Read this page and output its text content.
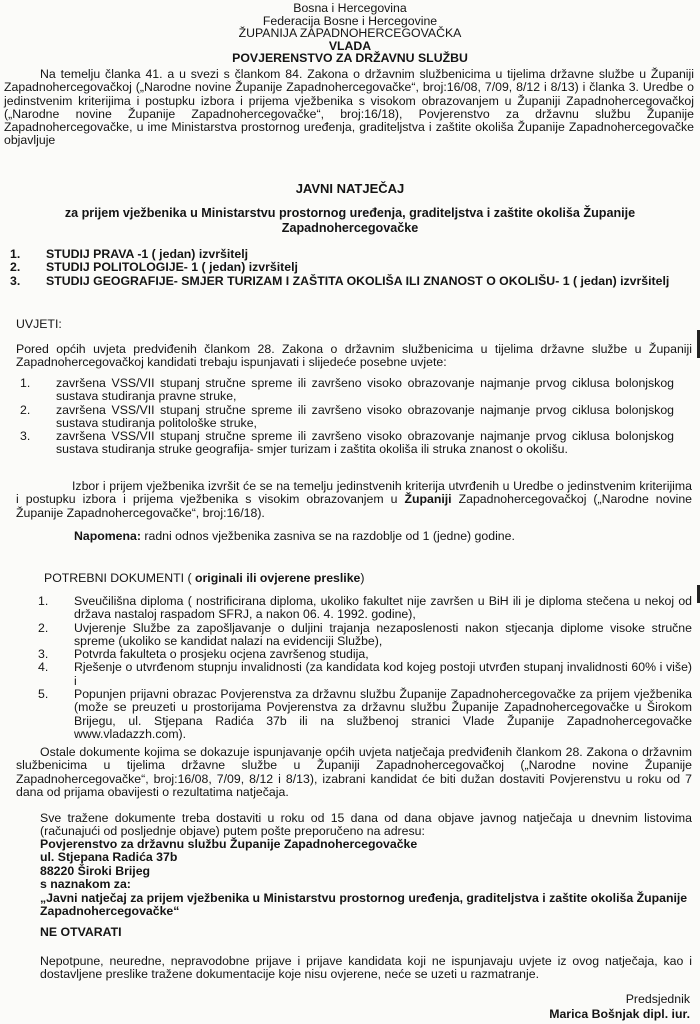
Bosna i Hercegovina
Federacija Bosne i Hercegovine
ŽUPANIJA ZAPADNOHERCEGOVAČKA
VLADA
POVJERENSTVO ZA DRŽAVNU SLUŽBU
Na temelju članka 41. a u svezi s člankom 84. Zakona o državnim službenicima u tijelima državne službe u Županiji Zapadnohercegovačkoj („Narodne novine Županije Zapadnohercegovačke“, broj:16/08, 7/09, 8/12 i 8/13) i članka 3. Uredbe o jedinstvenim kriterijima i postupku izbora i prijema vježbenika s visokom obrazovanjem u Županiji Zapadnohercegovačkoj („Narodne novine Županije Zapadnohercegovačke“, broj:16/18), Povjerenstvo za državnu službu Županije Zapadnohercegovačke, u ime Ministarstva prostornog uređenja, graditeljstva i zaštite okoliša Županije Zapadnohercegovačke objavljuje
JAVNI NATJEČAJ
za prijem vježbenika u Ministarstvu prostornog uređenja, graditeljstva i zaštite okoliša Županije Zapadnohercegovačke
1. STUDIJ PRAVA -1 ( jedan) izvršitelj
2. STUDIJ POLITOLOGIJE- 1 ( jedan) izvršitelj
3. STUDIJ GEOGRAFIJE- SMJER TURIZAM I ZAŠTITA OKOLIŠA ILI ZNANOST O OKOLIŠU- 1 ( jedan) izvršitelj
UVJETI:
Pored općih uvjeta predviđenih člankom 28. Zakona o državnim službenicima u tijelima državne službe u Županiji Zapadnohercegovačkoj kandidati trebaju ispunjavati i slijedeće posebne uvjete:
1. završena VSS/VII stupanj stručne spreme ili završeno visoko obrazovanje najmanje prvog ciklusa bolonjskog sustava studiranja pravne struke,
2. završena VSS/VII stupanj stručne spreme ili završeno visoko obrazovanje najmanje prvog ciklusa bolonjskog sustava studiranja politološke struke,
3. završena VSS/VII stupanj stručne spreme ili završeno visoko obrazovanje najmanje prvog ciklusa bolonjskog sustava studiranja struke geografija- smjer turizam i zaštita okoliša ili struka znanost o okolišu.
Izbor i prijem vježbenika izvršit će se na temelju jedinstvenih kriterija utvrđenih u Uredbe o jedinstvenim kriterijima i postupku izbora i prijema vježbenika s visokim obrazovanjem u Županiji Zapadnohercegovačkoj („Narodne novine Županije Zapadnohercegovačke“, broj:16/18).
Napomena: radni odnos vježbenika zasniva se na razdoblje od 1 (jedne) godine.
POTREBNI DOKUMENTI ( originali ili ovjerene preslike)
1. Sveučilišna diploma ( nostrificirana diploma, ukoliko fakultet nije završen u BiH ili je diploma stečena u nekoj od država nastaloj raspadom SFRJ, a nakon 06. 4. 1992. godine),
2. Uvjerenje Službe za zapošljavanje o duljini trajanja nezaposlenosti nakon stjecanja diplome visoke stručne spreme (ukoliko se kandidat nalazi na evidenciji Službe),
3. Potvrda fakulteta o prosjeku ocjena završenog studija,
4. Rješenje o utvrđenom stupnju invalidnosti (za kandidata kod kojeg postoji utvrđen stupanj invalidnosti 60% i više) i
5. Popunjen prijavni obrazac Povjerenstva za državnu službu Županije Zapadnohercegovačke za prijem vježbenika (može se preuzeti u prostorijama Povjerenstva za državnu službu Županije Zapadnohercegovačke u Širokom Brijegu, ul. Stjepana Radića 37b ili na službenoj stranici Vlade Županije Zapadnohercegovačke www.vladazzh.com).
Ostale dokumente kojima se dokazuje ispunjavanje općih uvjeta natječaja predviđenih člankom 28. Zakona o državnim službenicima u tijelima državne službe u Županiji Zapadnohercegovačkoj („Narodne novine Županije Zapadnohercegovačke“, broj:16/08, 7/09, 8/12 i 8/13), izabrani kandidat će biti dužan dostaviti Povjerenstvu u roku od 7 dana od prijama obavijesti o rezultatima natječaja.
Sve tražene dokumente treba dostaviti u roku od 15 dana od dana objave javnog natječaja u dnevnim listovima (računajući od posljednje objave) putem pošte preporučeno na adresu:
Povjerenstvo za državnu službu Županije Zapadnohercegovačke
ul. Stjepana Radića 37b
88220 Široki Brijeg
s naznakom za:
„Javni natječaj za prijem vježbenika u Ministarstvu prostornog uređenja, graditeljstva i zaštite okoliša Županije Zapadnohercegovačke“
NE OTVARATI
Nepotpune, neuredne, nepravodobne prijave i prijave kandidata koji ne ispunjavaju uvjete iz ovog natječaja, kao i dostavljene preslike tražene dokumentacije koje nisu ovjerene, neće se uzeti u razmatranje.
Predsjednik
Marica Bošnjak dipl. iur.
